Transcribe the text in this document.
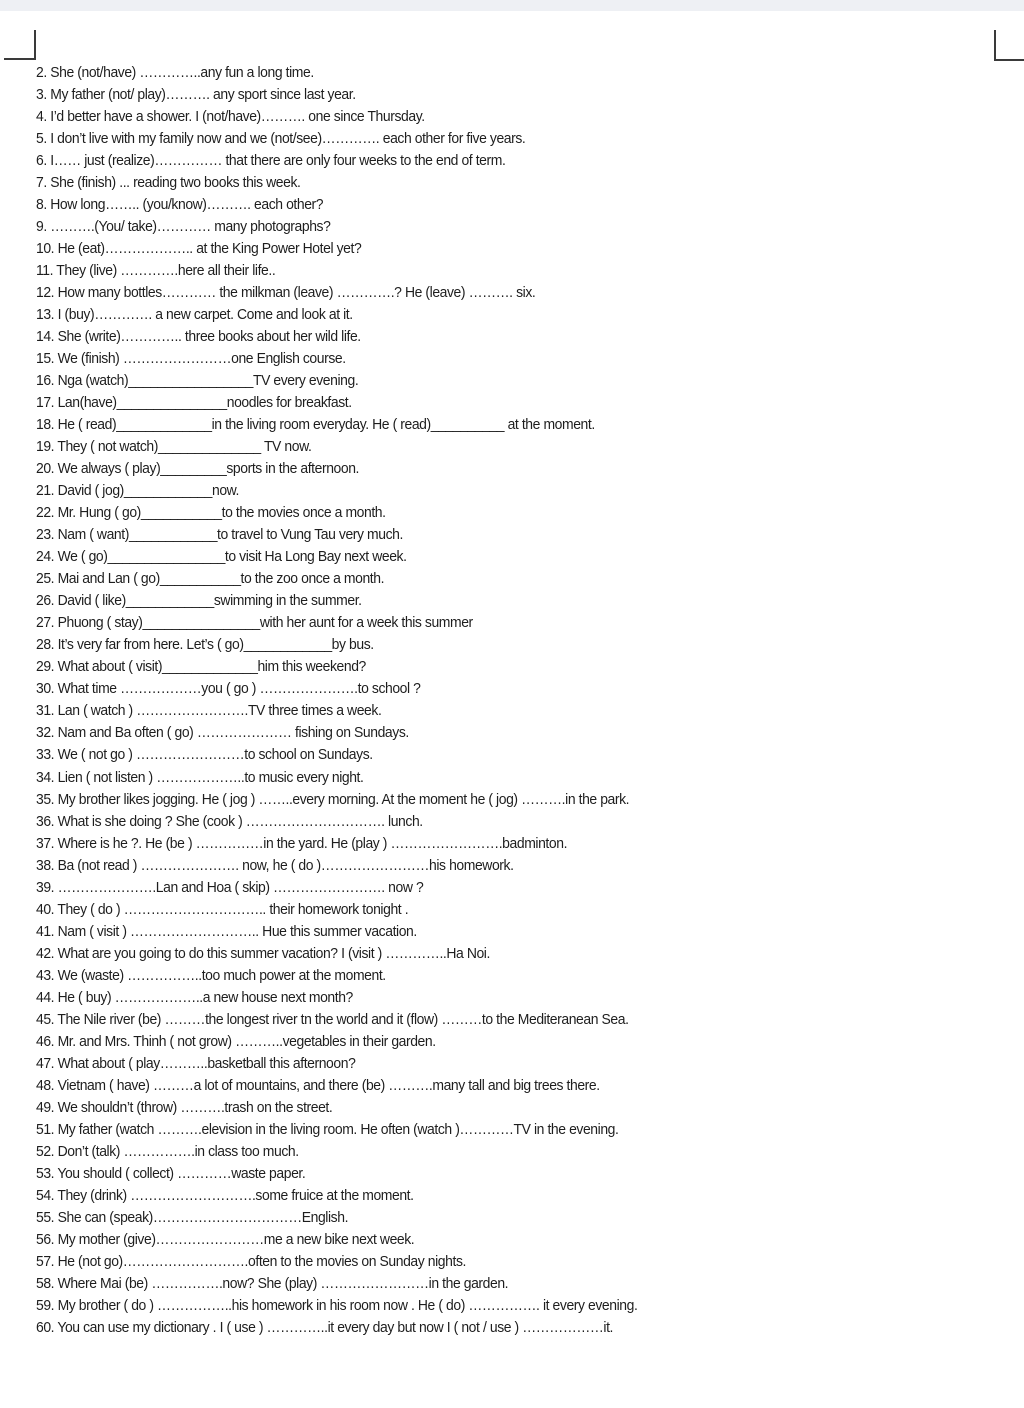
2. She (not/have) …………..any fun a long time.
3. My father (not/ play)………. any sport since last year.
4. I’d better have a shower. I (not/have)………. one since Thursday.
5. I don’t live with my family now and we (not/see)…………. each other for five years.
6. I…… just (realize)…………… that there are only four weeks to the end of term.
7. She (finish) ... reading two books this week.
8. How long…….. (you/know)………. each other?
9. ……….(You/ take)………… many photographs?
10. He (eat)……………….. at the King Power Hotel yet?
11. They (live) ………….here all their life..
12. How many bottles………… the milkman (leave) ………….? He (leave) ………. six.
13. I (buy)…………. a new carpet. Come and look at it.
14. She (write)………….. three books about her wild life.
15. We (finish) ……………………one English course.
16. Nga (watch)_________________TV every evening.
17. Lan(have)_______________noodles for breakfast.
18. He ( read)_____________in the living room everyday. He ( read)__________ at the moment.
19. They ( not watch)______________ TV now.
20. We always ( play)_________sports in the afternoon.
21. David ( jog)____________now.
22. Mr. Hung ( go)___________to the movies once a month.
23. Nam ( want)____________to travel to Vung Tau very much.
24. We ( go)________________to visit Ha Long Bay next week.
25. Mai and Lan ( go)___________to the zoo once a month.
26. David ( like)____________swimming in the summer.
27. Phuong ( stay)________________with her aunt for a week this summer
28. It’s very far from here. Let’s ( go)____________by bus.
29. What about ( visit)_____________him this weekend?
30. What time ………………you ( go ) ………………….to school ?
31. Lan ( watch ) …………………….TV three times a week.
32. Nam and Ba often ( go) ………………… fishing on Sundays.
33. We ( not go ) ……………………to school on Sundays.
34. Lien ( not listen ) ………………..to music every night.
35. My brother likes jogging. He ( jog ) ……..every morning. At the moment he ( jog) ……….in the park.
36. What is she doing ? She (cook ) …………………………. lunch.
37. Where is he ?. He (be ) ……………in the yard. He (play ) …………………….badminton.
38. Ba (not read ) …………………. now, he ( do )……………………his homework.
39. ………………….Lan and Hoa ( skip) ……………………. now ?
40. They ( do ) ………………………….. their homework tonight .
41. Nam ( visit ) ……………………….. Hue this summer vacation.
42. What are you going to do this summer vacation? I (visit ) …………..Ha Noi.
43. We (waste) ……………..too much power at the moment.
44. He ( buy) ………………..a new house next month?
45. The Nile river (be) ………the longest river tn the world and it (flow) ………to the Mediteranean Sea.
46. Mr. and Mrs. Thinh ( not grow) ………..vegetables in their garden.
47. What about ( play………..basketball this afternoon?
48. Vietnam ( have) ………a lot of mountains, and there (be) ……….many tall and big trees there.
49. We shouldn’t (throw) ……….trash on the street.
51. My father (watch ……….elevision in the living room. He often (watch )…………TV in the evening.
52. Don’t (talk) …………….in class too much.
53. You should ( collect) …………waste paper.
54. They (drink) ……………………….some fruice at the moment.
55. She can (speak)……………………………English.
56. My mother (give)……………………me a new bike next week.
57. He (not go)……………………….often to the movies on Sunday nights.
58. Where Mai (be) …………….now? She (play) ……………………in the garden.
59. My brother ( do ) ……………..his homework in his room now . He ( do) ……………. it every evening.
60. You can use my dictionary . I ( use ) …………..it every day but now I ( not / use ) ………………it.
